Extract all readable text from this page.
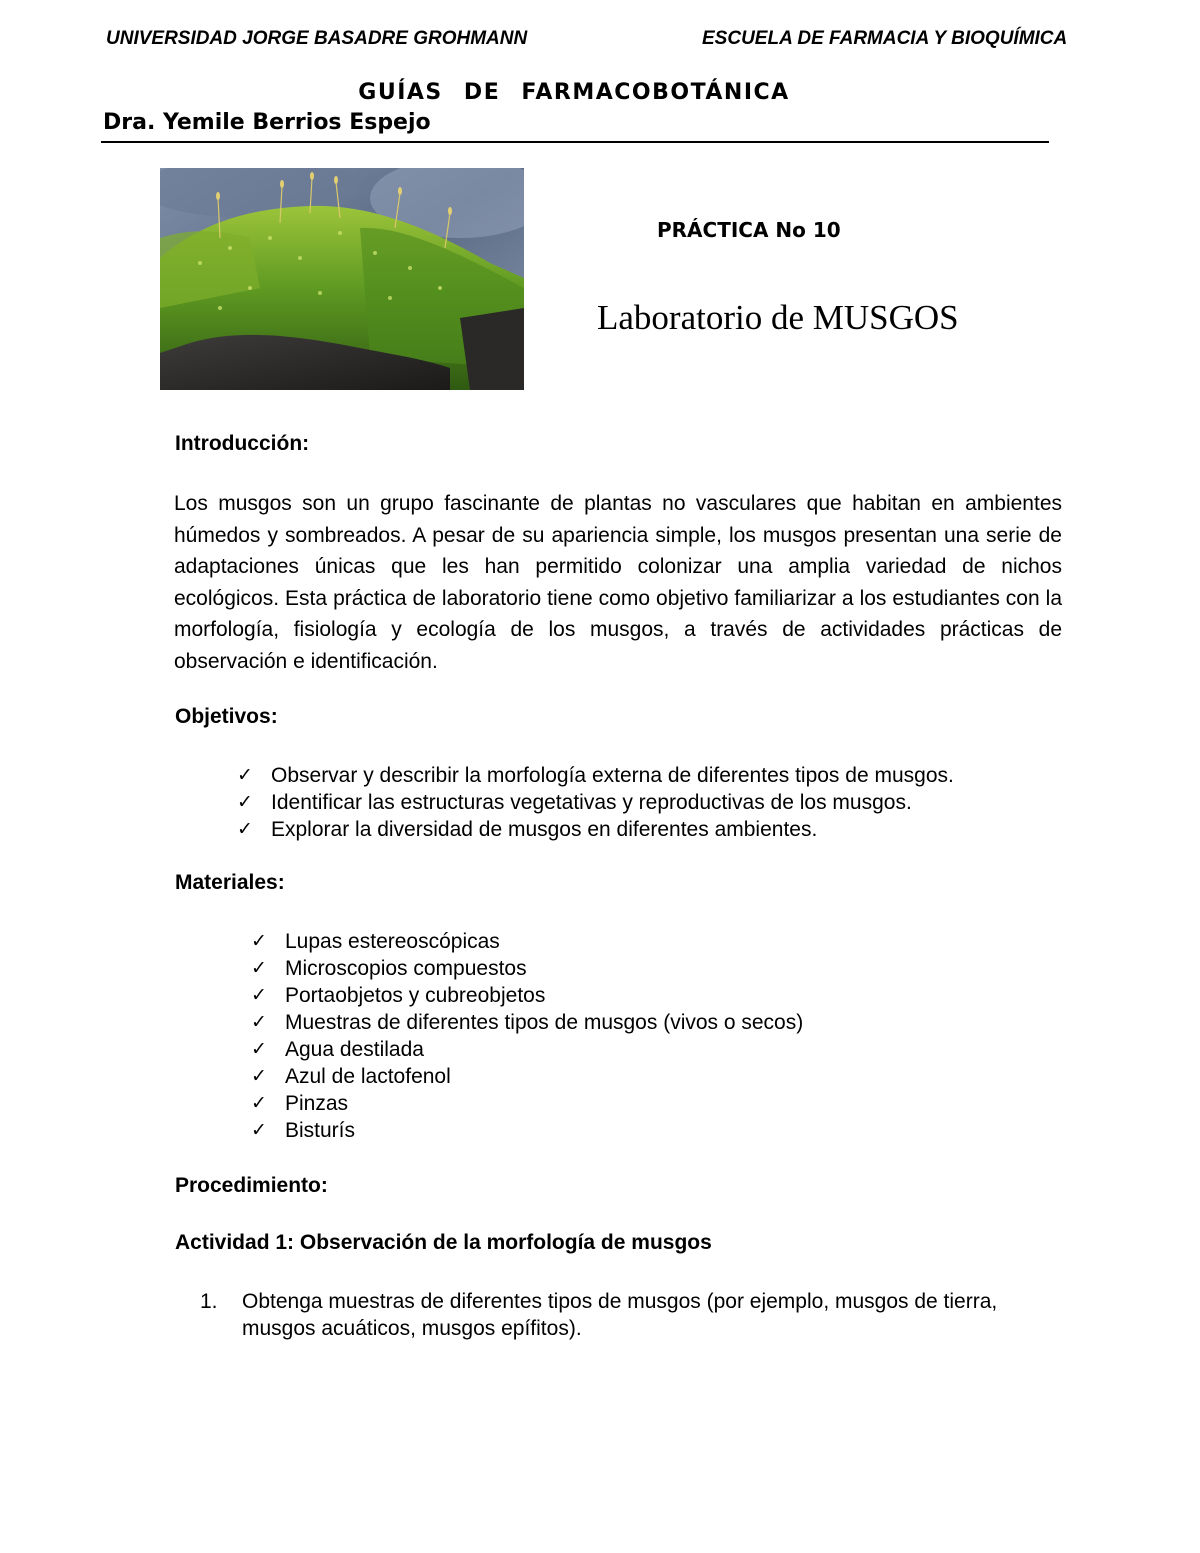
UNIVERSIDAD JORGE BASADRE GROHMANN	ESCUELA DE FARMACIA Y BIOQUÍMICA
GUÍAS DE FARMACOBOTÁNICA
Dra. Yemile Berrios Espejo
PRÁCTICA No 10
Laboratorio de MUSGOS
Introducción:

Los musgos son un grupo fascinante de plantas no vasculares que habitan en ambientes húmedos y sombreados. A pesar de su apariencia simple, los musgos presentan una serie de adaptaciones únicas que les han permitido colonizar una amplia variedad de nichos ecológicos. Esta práctica de laboratorio tiene como objetivo familiarizar a los estudiantes con la morfología, fisiología y ecología de los musgos, a través de actividades prácticas de observación e identificación.

Objetivos:
✓ Observar y describir la morfología externa de diferentes tipos de musgos.
✓ Identificar las estructuras vegetativas y reproductivas de los musgos.
✓ Explorar la diversidad de musgos en diferentes ambientes.
Materiales:
✓ Lupas estereoscópicas
✓ Microscopios compuestos
✓ Portaobjetos y cubreobjetos
✓ Muestras de diferentes tipos de musgos (vivos o secos)
✓ Agua destilada
✓ Azul de lactofenol
✓ Pinzas
✓ Bisturís
Procedimiento:
Actividad 1: Observación de la morfología de musgos
1. Obtenga muestras de diferentes tipos de musgos (por ejemplo, musgos de tierra, musgos acuáticos, musgos epífitos).
